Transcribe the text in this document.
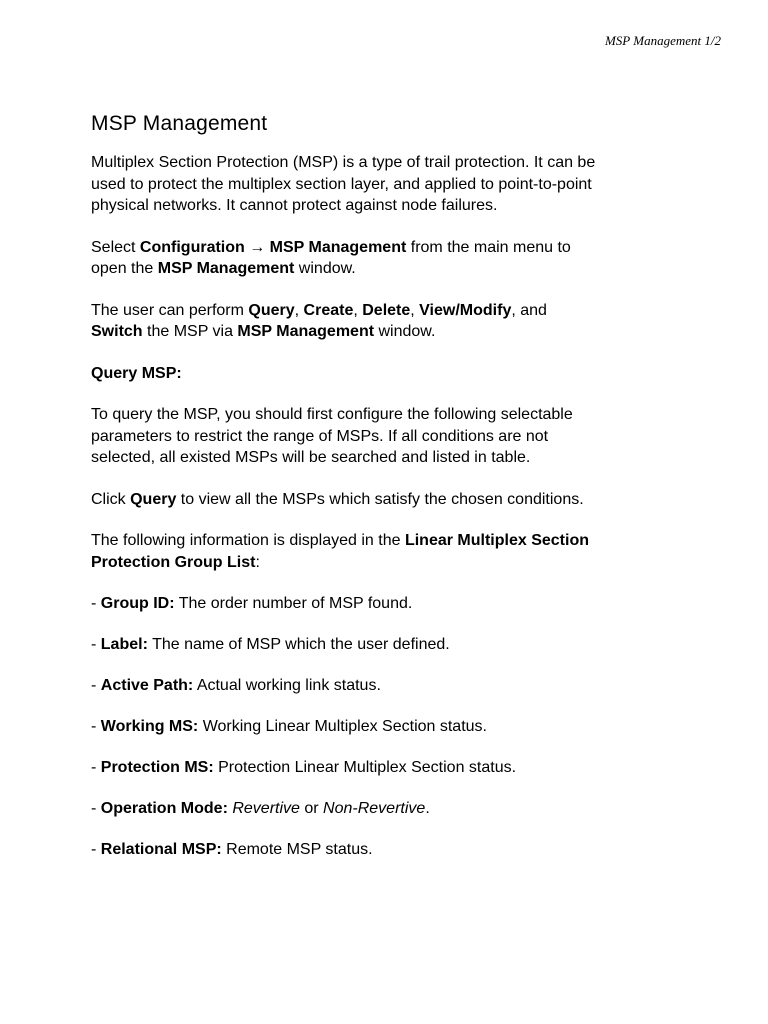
MSP Management 1/2
MSP Management

Multiplex Section Protection (MSP) is a type of trail protection. It can be
used to protect the multiplex section layer, and applied to point-to-point
physical networks. It cannot protect against node failures.

Select Configuration → MSP Management from the main menu to
open the MSP Management window.

The user can perform Query, Create, Delete, View/Modify, and
Switch the MSP via MSP Management window.

Query MSP:

To query the MSP, you should first configure the following selectable
parameters to restrict the range of MSPs. If all conditions are not
selected, all existed MSPs will be searched and listed in table.

Click Query to view all the MSPs which satisfy the chosen conditions.

The following information is displayed in the Linear Multiplex Section
Protection Group List:

- Group ID: The order number of MSP found.

- Label: The name of MSP which the user defined.

- Active Path: Actual working link status.

- Working MS: Working Linear Multiplex Section status.

- Protection MS: Protection Linear Multiplex Section status.

- Operation Mode: Revertive or Non-Revertive.

- Relational MSP: Remote MSP status.
